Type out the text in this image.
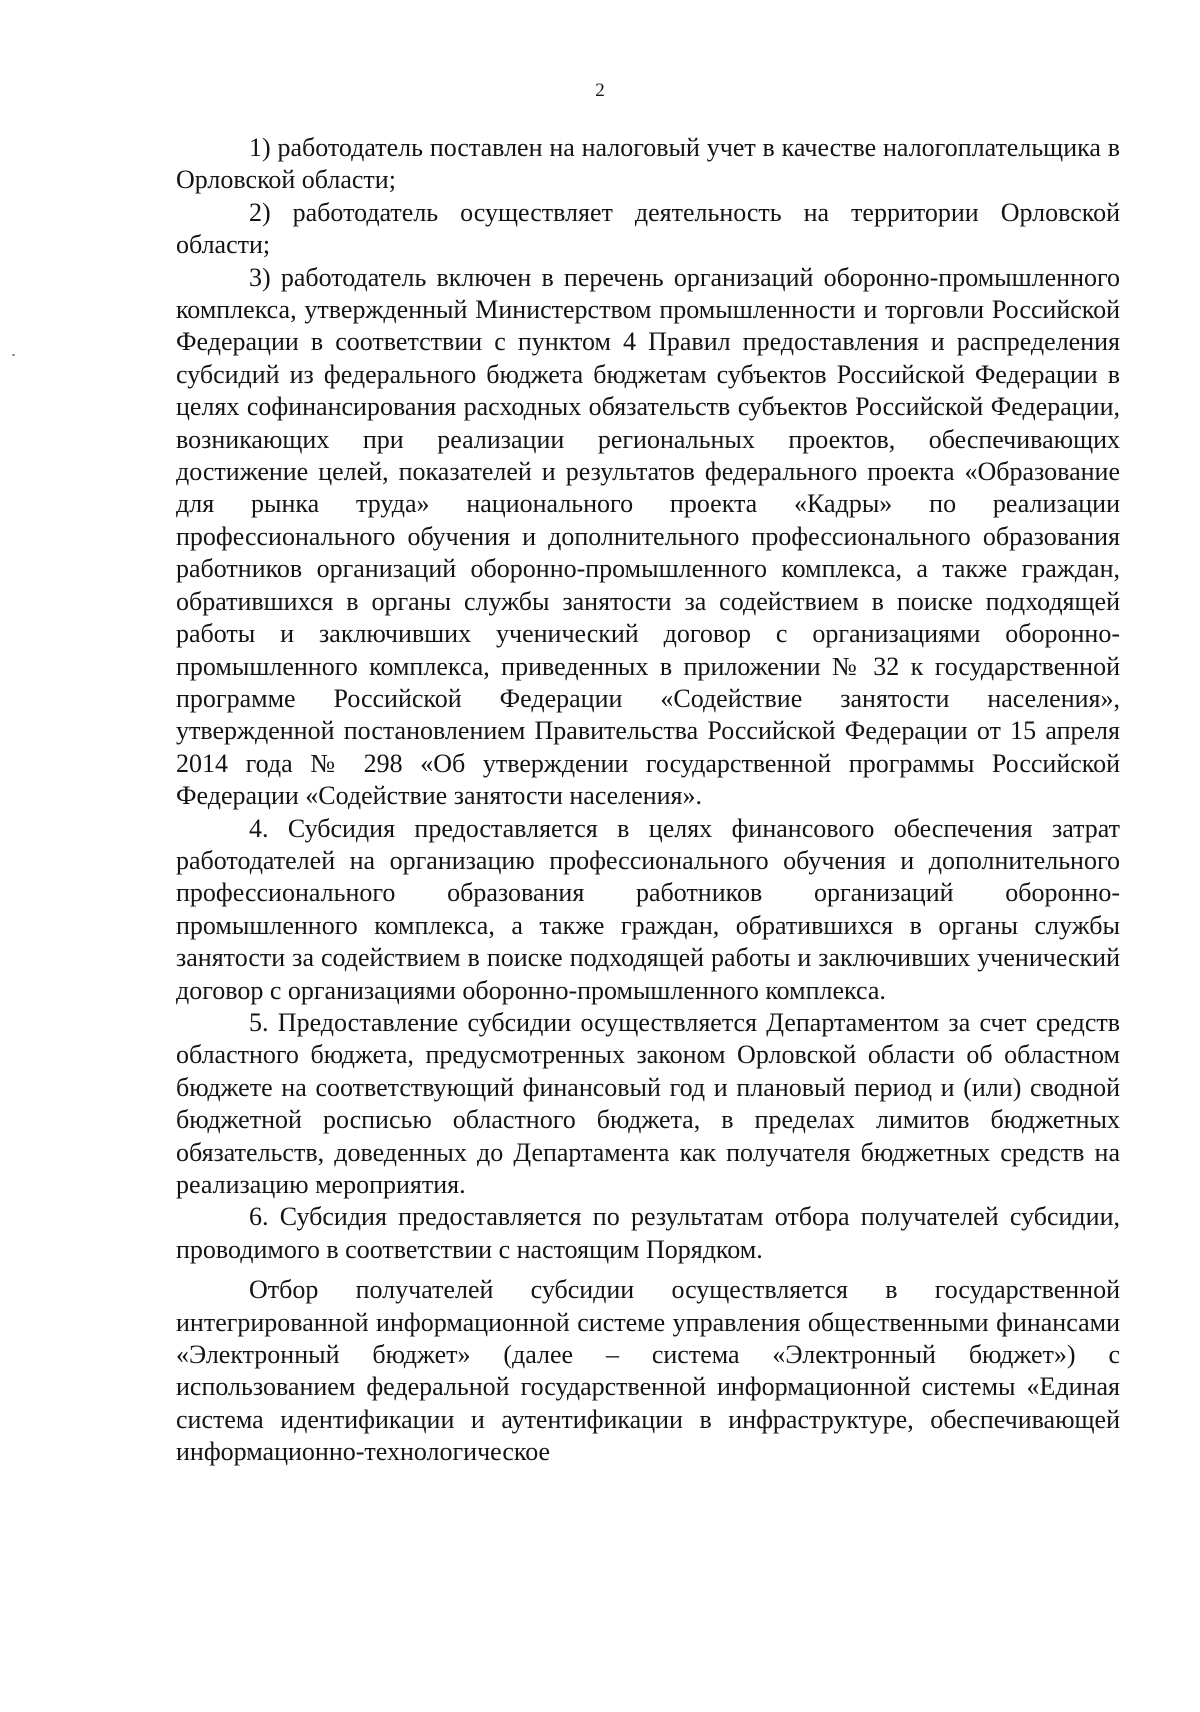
2

1) работодатель поставлен на налоговый учет в качестве налогоплательщика в Орловской области;

2) работодатель осуществляет деятельность на территории Орловской области;

3) работодатель включен в перечень организаций оборонно-промышленного комплекса, утвержденный Министерством промышленности и торговли Российской Федерации в соответствии с пунктом 4 Правил предоставления и распределения субсидий из федерального бюджета бюджетам субъектов Российской Федерации в целях софинансирования расходных обязательств субъектов Российской Федерации, возникающих при реализации региональных проектов, обеспечивающих достижение целей, показателей и результатов федерального проекта «Образование для рынка труда» национального проекта «Кадры» по реализации профессионального обучения и дополнительного профессионального образования работников организаций оборонно-промышленного комплекса, а также граждан, обратившихся в органы службы занятости за содействием в поиске подходящей работы и заключивших ученический договор с организациями оборонно-промышленного комплекса, приведенных в приложении № 32 к государственной программе Российской Федерации «Содействие занятости населения», утвержденной постановлением Правительства Российской Федерации от 15 апреля 2014 года № 298 «Об утверждении государственной программы Российской Федерации «Содействие занятости населения».

4. Субсидия предоставляется в целях финансового обеспечения затрат работодателей на организацию профессионального обучения и дополнительного профессионального образования работников организаций оборонно-промышленного комплекса, а также граждан, обратившихся в органы службы занятости за содействием в поиске подходящей работы и заключивших ученический договор с организациями оборонно-промышленного комплекса.

5. Предоставление субсидии осуществляется Департаментом за счет средств областного бюджета, предусмотренных законом Орловской области об областном бюджете на соответствующий финансовый год и плановый период и (или) сводной бюджетной росписью областного бюджета, в пределах лимитов бюджетных обязательств, доведенных до Департамента как получателя бюджетных средств на реализацию мероприятия.

6. Субсидия предоставляется по результатам отбора получателей субсидии, проводимого в соответствии с настоящим Порядком.

Отбор получателей субсидии осуществляется в государственной интегрированной информационной системе управления общественными финансами «Электронный бюджет» (далее – система «Электронный бюджет») с использованием федеральной государственной информационной системы «Единая система идентификации и аутентификации в инфраструктуре, обеспечивающей информационно-технологическое
